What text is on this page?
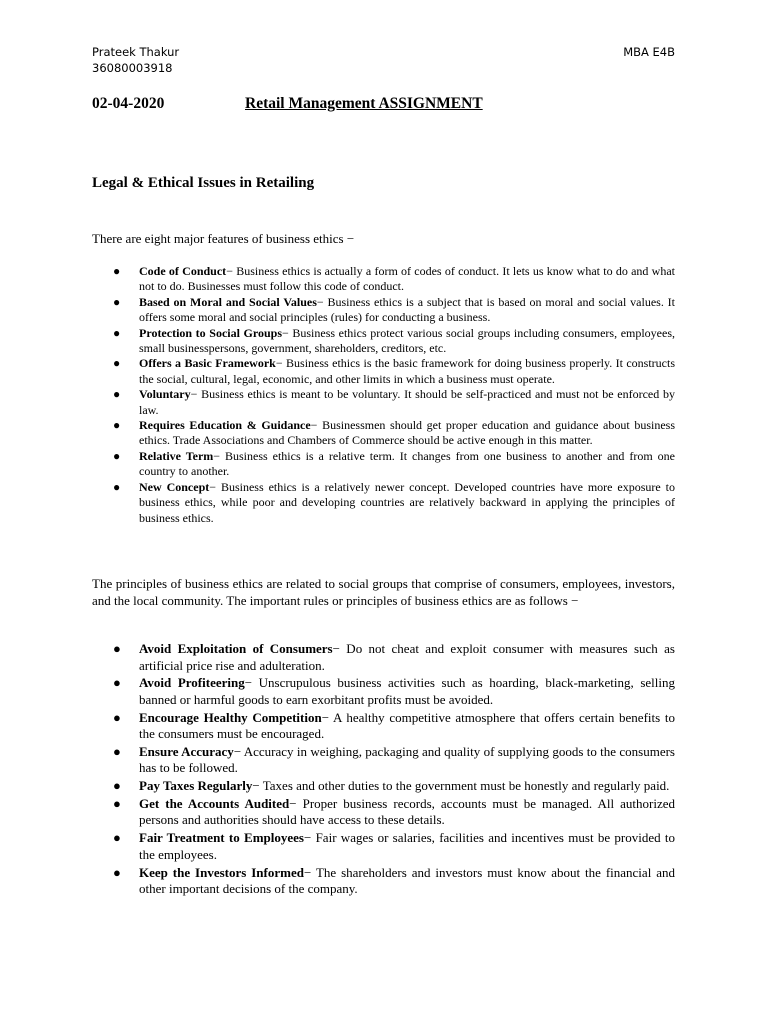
Prateek Thakur
36080003918
MBA E4B
02-04-2020	Retail Management ASSIGNMENT
Legal & Ethical Issues in Retailing
There are eight major features of business ethics −
● Code of Conduct− Business ethics is actually a form of codes of conduct. It lets us know what to do and what not to do. Businesses must follow this code of conduct.
● Based on Moral and Social Values− Business ethics is a subject that is based on moral and social values. It offers some moral and social principles (rules) for conducting a business.
● Protection to Social Groups− Business ethics protect various social groups including consumers, employees, small businesspersons, government, shareholders, creditors, etc.
● Offers a Basic Framework− Business ethics is the basic framework for doing business properly. It constructs the social, cultural, legal, economic, and other limits in which a business must operate.
● Voluntary− Business ethics is meant to be voluntary. It should be self-practiced and must not be enforced by law.
● Requires Education & Guidance− Businessmen should get proper education and guidance about business ethics. Trade Associations and Chambers of Commerce should be active enough in this matter.
● Relative Term− Business ethics is a relative term. It changes from one business to another and from one country to another.
● New Concept− Business ethics is a relatively newer concept. Developed countries have more exposure to business ethics, while poor and developing countries are relatively backward in applying the principles of business ethics.
The principles of business ethics are related to social groups that comprise of consumers, employees, investors, and the local community. The important rules or principles of business ethics are as follows −
● Avoid Exploitation of Consumers− Do not cheat and exploit consumer with measures such as artificial price rise and adulteration.
● Avoid Profiteering− Unscrupulous business activities such as hoarding, black-marketing, selling banned or harmful goods to earn exorbitant profits must be avoided.
● Encourage Healthy Competition− A healthy competitive atmosphere that offers certain benefits to the consumers must be encouraged.
● Ensure Accuracy− Accuracy in weighing, packaging and quality of supplying goods to the consumers has to be followed.
● Pay Taxes Regularly− Taxes and other duties to the government must be honestly and regularly paid.
● Get the Accounts Audited− Proper business records, accounts must be managed. All authorized persons and authorities should have access to these details.
● Fair Treatment to Employees− Fair wages or salaries, facilities and incentives must be provided to the employees.
● Keep the Investors Informed− The shareholders and investors must know about the financial and other important decisions of the company.
